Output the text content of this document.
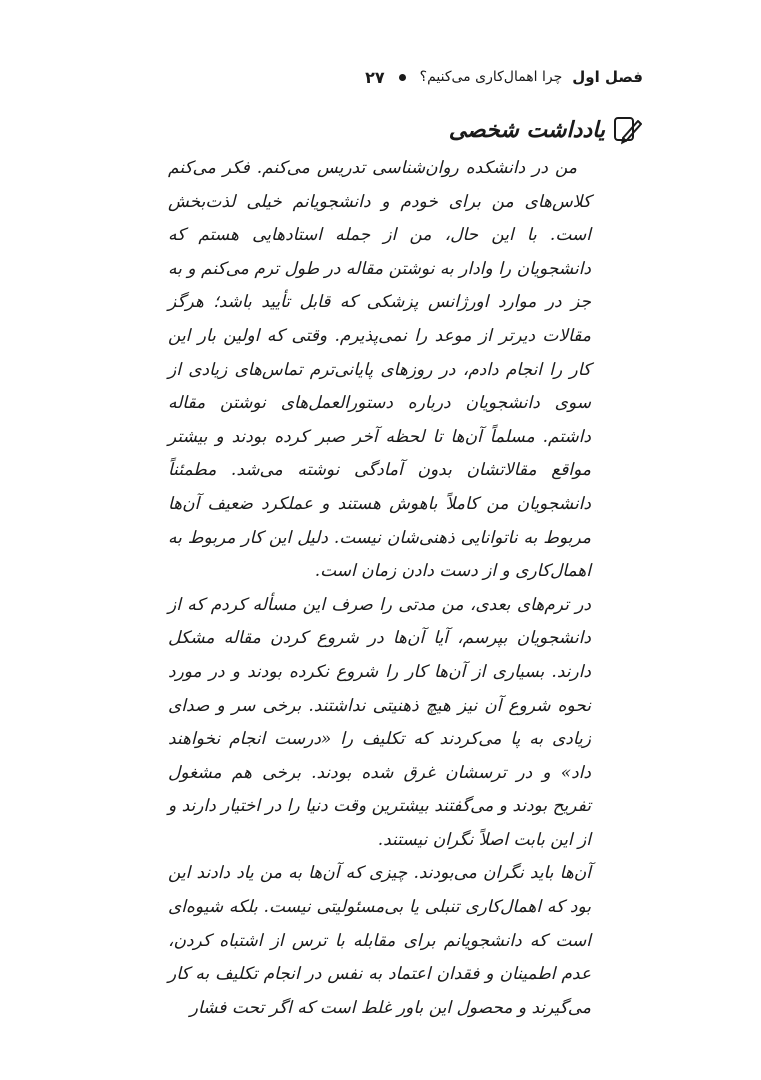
فصل اول
چرا اهمال‌کاری می‌کنیم؟
۲۷
یادداشت شخصی

من در دانشکده روان‌شناسی تدریس می‌کنم. فکر می‌کنم کلاس‌های من برای خودم و دانشجویانم خیلی لذت‌بخش است. با این حال، من از جمله استادهایی هستم که دانشجویان را وادار به نوشتن مقاله در طول ترم می‌کنم و به جز در موارد اورژانس پزشکی که قابل تأیید باشد؛ هرگز مقالات دیرتر از موعد را نمی‌پذیرم. وقتی که اولین بار این کار را انجام دادم، در روزهای پایانی‌ترم تماس‌های زیادی از سوی دانشجویان درباره دستورالعمل‌های نوشتن مقاله داشتم. مسلماً آن‌ها تا لحظه آخر صبر کرده بودند و بیشتر مواقع مقالاتشان بدون آمادگی نوشته می‌شد. مطمئناً دانشجویان من کاملاً باهوش هستند و عملکرد ضعیف آن‌ها مربوط به ناتوانایی ذهنی‌شان نیست. دلیل این کار مربوط به اهمال‌کاری و از دست دادن زمان است.

در ترم‌های بعدی، من مدتی را صرف این مسأله کردم که از دانشجویان بپرسم، آیا آن‌ها در شروع کردن مقاله مشکل دارند. بسیاری از آن‌ها کار را شروع نکرده بودند و در مورد نحوه شروع آن نیز هیچ ذهنیتی نداشتند. برخی سر و صدای زیادی به پا می‌کردند که تکلیف را «درست انجام نخواهند داد» و در ترسشان غرق شده بودند. برخی هم مشغول تفریح بودند و می‌گفتند بیشترین وقت دنیا را در اختیار دارند و از این بابت اصلاً نگران نیستند.

آن‌ها باید نگران می‌بودند. چیزی که آن‌ها به من یاد دادند این بود که اهمال‌کاری تنبلی یا بی‌مسئولیتی نیست. بلکه شیوه‌ای است که دانشجویانم برای مقابله با ترس از اشتباه کردن، عدم اطمینان و فقدان اعتماد به نفس در انجام تکلیف به کار می‌گیرند و محصول این باور غلط است که اگر تحت فشار
